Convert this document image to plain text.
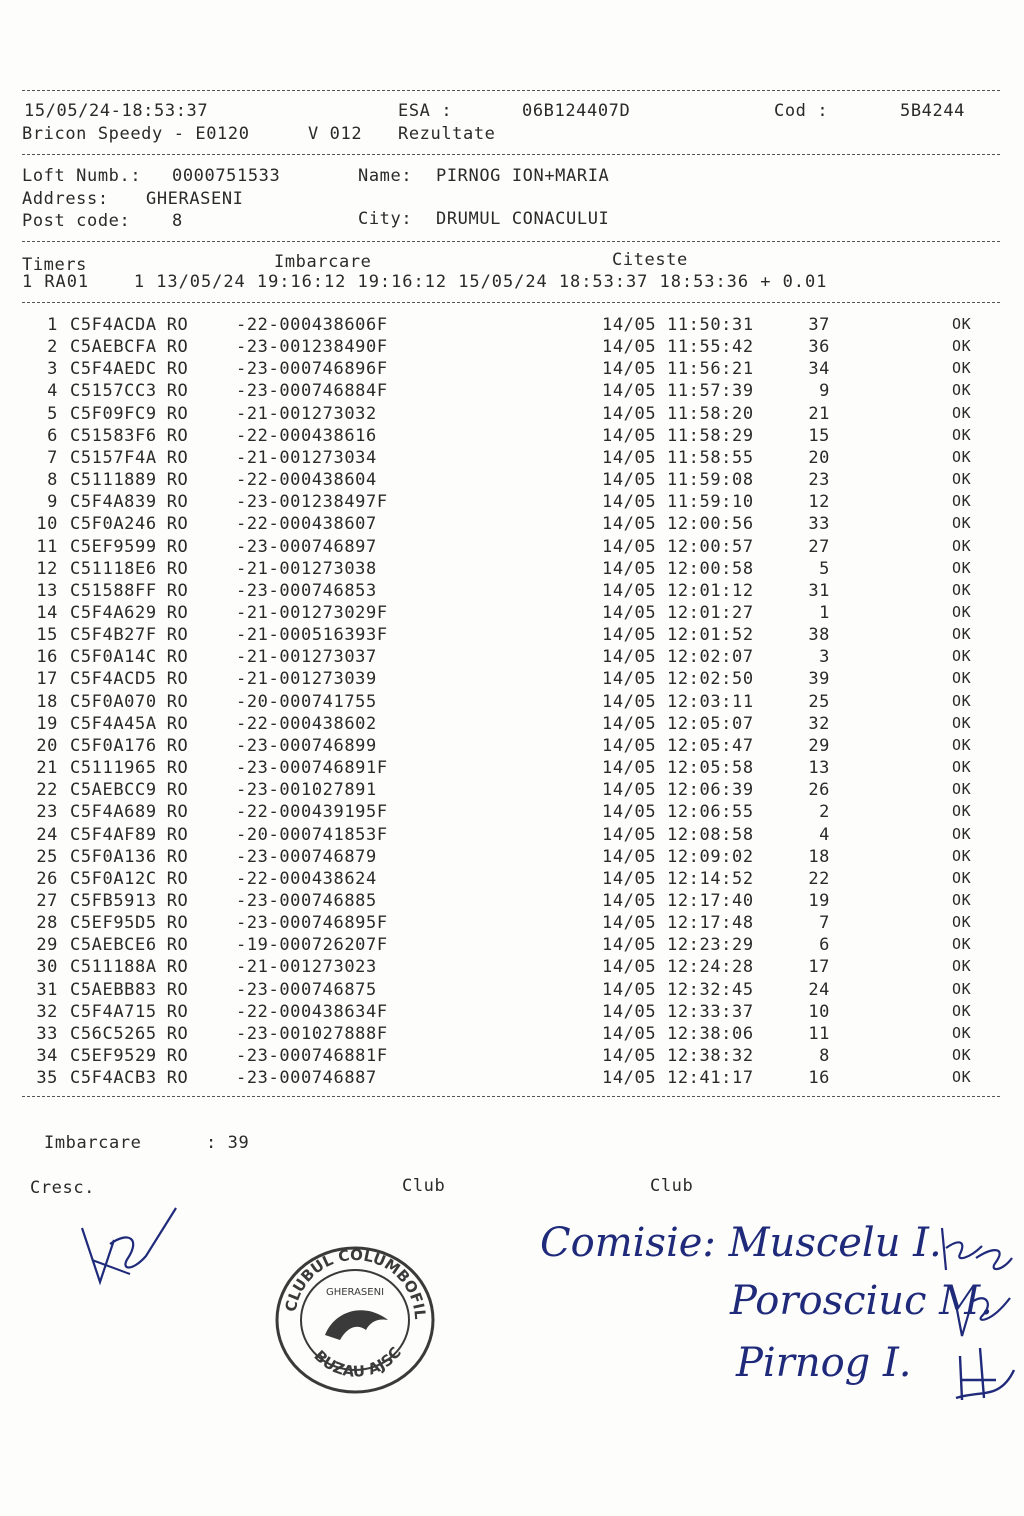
15/05/24-18:53:37	ESA :	06B124407D	Cod :	5B4244
Bricon Speedy - E0120	V 012 Rezultate
Loft Numb.: 0000751533	Name: PIRNOG ION+MARIA
Address: GHERASENI
Post code: 8	City: DRUMUL CONACULUI
Timers	Imbarcare	Citeste
1 RA01    1 13/05/24 19:16:12 19:16:12 15/05/24 18:53:37 18:53:36 + 0.01
1 C5F4ACDA RO	-22-000438606F	14/05 11:50:31	37	OK
2 C5AEBCFA RO	-23-001238490F	14/05 11:55:42	36	OK
3 C5F4AEDC RO	-23-000746896F	14/05 11:56:21	34	OK
4 C5157CC3 RO	-23-000746884F	14/05 11:57:39	9	OK
5 C5F09FC9 RO	-21-001273032	14/05 11:58:20	21	OK
6 C51583F6 RO	-22-000438616	14/05 11:58:29	15	OK
7 C5157F4A RO	-21-001273034	14/05 11:58:55	20	OK
8 C5111889 RO	-22-000438604	14/05 11:59:08	23	OK
9 C5F4A839 RO	-23-001238497F	14/05 11:59:10	12	OK
10 C5F0A246 RO	-22-000438607	14/05 12:00:56	33	OK
11 C5EF9599 RO	-23-000746897	14/05 12:00:57	27	OK
12 C51118E6 RO	-21-001273038	14/05 12:00:58	5	OK
13 C51588FF RO	-23-000746853	14/05 12:01:12	31	OK
14 C5F4A629 RO	-21-001273029F	14/05 12:01:27	1	OK
15 C5F4B27F RO	-21-000516393F	14/05 12:01:52	38	OK
16 C5F0A14C RO	-21-001273037	14/05 12:02:07	3	OK
17 C5F4ACD5 RO	-21-001273039	14/05 12:02:50	39	OK
18 C5F0A070 RO	-20-000741755	14/05 12:03:11	25	OK
19 C5F4A45A RO	-22-000438602	14/05 12:05:07	32	OK
20 C5F0A176 RO	-23-000746899	14/05 12:05:47	29	OK
21 C5111965 RO	-23-000746891F	14/05 12:05:58	13	OK
22 C5AEBCC9 RO	-23-001027891	14/05 12:06:39	26	OK
23 C5F4A689 RO	-22-000439195F	14/05 12:06:55	2	OK
24 C5F4AF89 RO	-20-000741853F	14/05 12:08:58	4	OK
25 C5F0A136 RO	-23-000746879	14/05 12:09:02	18	OK
26 C5F0A12C RO	-22-000438624	14/05 12:14:52	22	OK
27 C5FB5913 RO	-23-000746885	14/05 12:17:40	19	OK
28 C5EF95D5 RO	-23-000746895F	14/05 12:17:48	7	OK
29 C5AEBCE6 RO	-19-000726207F	14/05 12:23:29	6	OK
30 C511188A RO	-21-001273023	14/05 12:24:28	17	OK
31 C5AEBB83 RO	-23-000746875	14/05 12:32:45	24	OK
32 C5F4A715 RO	-22-000438634F	14/05 12:33:37	10	OK
33 C56C5265 RO	-23-001027888F	14/05 12:38:06	11	OK
34 C5EF9529 RO	-23-000746881F	14/05 12:38:32	8	OK
35 C5F4ACB3 RO	-23-000746887	14/05 12:41:17	16	OK
Imbarcare	: 39
Cresc.	Club	Club
CLUBUL COLUMBOFIL
BUZAU AJSC
GHERASENI
Comisie: Muscelu I.
Porosciuc M.
Pirnog I.
